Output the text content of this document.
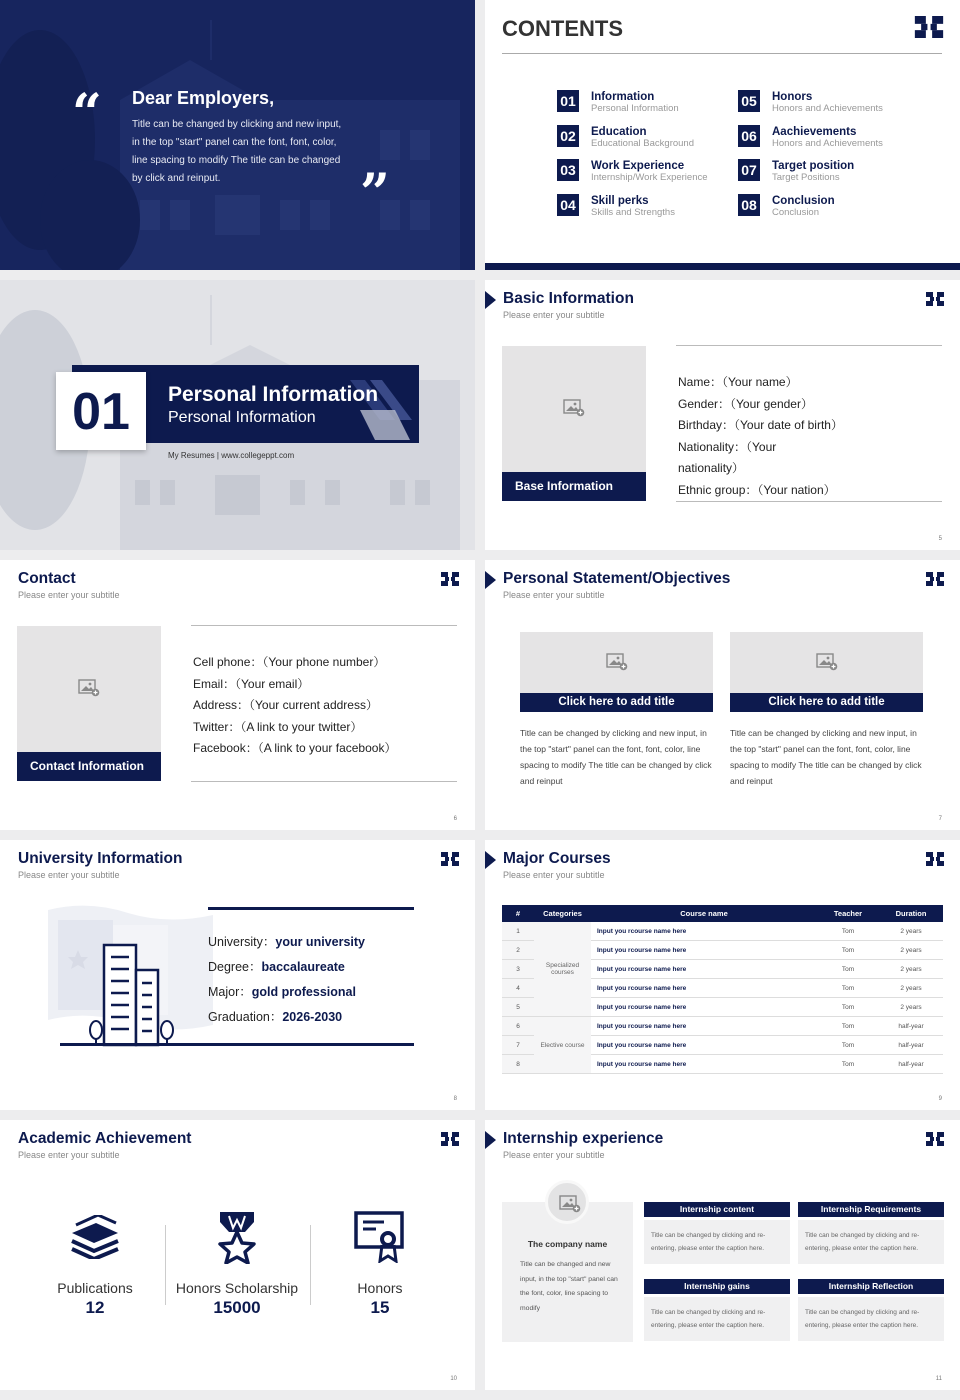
“ Dear Employers,
Title can be changed by clicking and new input, in the top "start" panel can the font, font, color, line spacing to modify The title can be changed by click and reinput.	”
CONTENTS
01 Information
Personal Information
02 Education
Educational Background
03 Work Experience
Internship/Work Experience
04 Skill perks
Skills and Strengths
05 Honors
Honors and Achievements
06 Aachievements
Honors and Achievements
07 Target position
Target Positions
08 Conclusion
Conclusion
01	Personal Information
Personal Information
My Resumes | www.collegeppt.com
Basic Information
Please enter your subtitle
Base Information
Name：（Your name）
Gender：（Your gender）
Birthday：（Your date of birth）
Nationality：（Your
nationality）
Ethnic group：（Your nation）
5
Contact
Please enter your subtitle
Contact Information
Cell phone：（Your phone number）
Email：（Your email）
Address：（Your current address）
Twitter：（A link to your twitter）
Facebook：（A link to your facebook）
6
Personal Statement/Objectives
Please enter your subtitle
Click here to add title
Title can be changed by clicking and new input, in the top "start" panel can the font, font, color, line spacing to modify The title can be changed by click and reinput
Click here to add title
Title can be changed by clicking and new input, in the top "start" panel can the font, font, color, line spacing to modify The title can be changed by click and reinput
7
University Information
Please enter your subtitle
University：your university
Degree：baccalaureate
Major：gold professional
Graduation：2026-2030
8
Major Courses
Please enter your subtitle
#	Categories	Course name	Teacher	Duration
1	Specialized courses	Input you rcourse name here	Tom	2 years
2		Input you rcourse name here	Tom	2 years
3		Input you rcourse name here	Tom	2 years
4		Input you rcourse name here	Tom	2 years
5		Input you rcourse name here	Tom	2 years
6	Elective course	Input you rcourse name here	Tom	half-year
7		Input you rcourse name here	Tom	half-year
8		Input you rcourse name here	Tom	half-year
9
Academic Achievement
Please enter your subtitle
Publications
12
Honors Scholarship
15000
Honors
15
10
Internship experience
Please enter your subtitle
The company name
Title can be changed and new input, in the top "start" panel can the font, color, line spacing to modify
Internship content
Title can be changed by clicking and re-entering, please enter the caption here.
Internship Requirements
Title can be changed by clicking and re-entering, please enter the caption here.
Internship gains
Title can be changed by clicking and re-entering, please enter the caption here.
Internship Reflection
Title can be changed by clicking and re-entering, please enter the caption here.
11
